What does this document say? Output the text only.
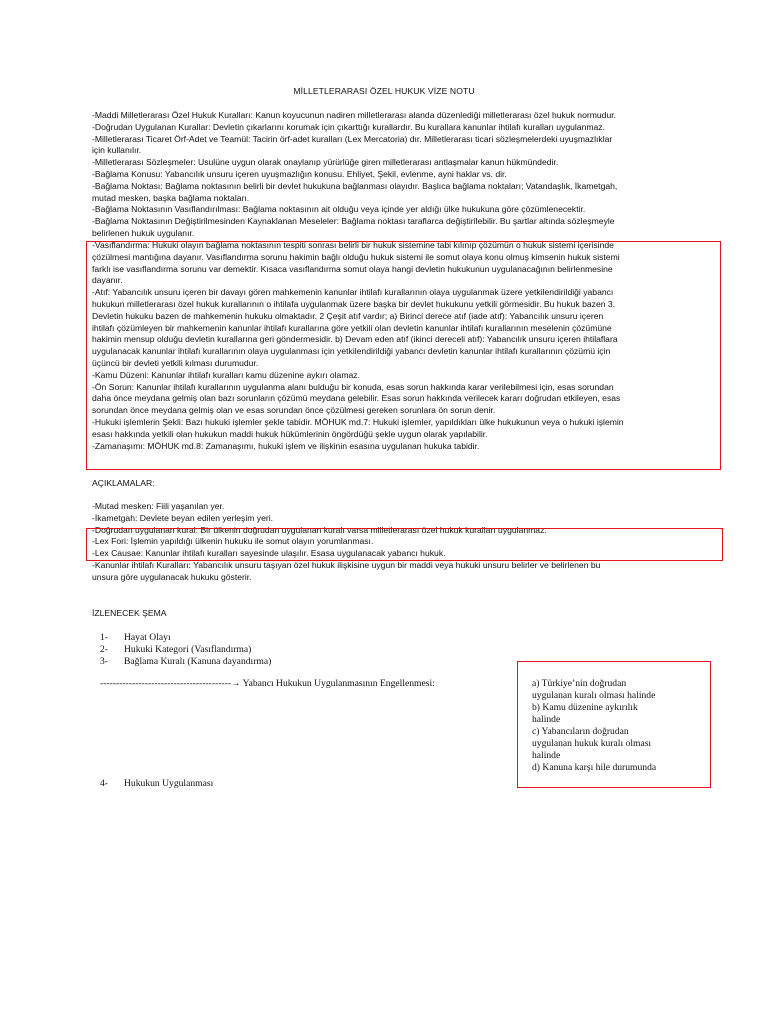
MİLLETLERARASI ÖZEL HUKUK VİZE NOTU
-Maddi Milletlerarası Özel Hukuk Kuralları: Kanun koyucunun nadiren milletlerarası alanda düzenlediği milletlerarası özel hukuk normudur.
-Doğrudan Uygulanan Kurallar: Devletin çıkarlarını korumak için çıkarttığı kurallardır. Bu kurallara kanunlar ihtilafı kuralları uygulanmaz.
-Milletlerarası Ticaret Örf-Adet ve Teamül: Tacirin örf-adet kuralları (Lex Mercatoria) dır. Milletlerarası ticari sözleşmelerdeki uyuşmazlıklar
için kullanılır.
-Milletlerarası Sözleşmeler: Usulüne uygun olarak onaylanıp yürürlüğe giren milletlerarası antlaşmalar kanun hükmündedir.
-Bağlama Konusu: Yabancılık unsuru içeren uyuşmazlığın konusu. Ehliyet, Şekil, evlenme, ayni haklar vs. dir.
-Bağlama Noktası: Bağlama noktasının belirli bir devlet hukukuna bağlanması olayıdır. Başlıca bağlama noktaları; Vatandaşlık, İkametgah,
mutad mesken, başka bağlama noktaları.
-Bağlama Noktasının Vasıflandırılması: Bağlama noktasının ait olduğu veya içinde yer aldığı ülke hukukuna göre çözümlenecektir.
-Bağlama Noktasının Değiştirilmesinden Kaynaklanan Meseleler: Bağlama noktası taraflarca değiştirilebilir. Bu şartlar altında sözleşmeyle
belirlenen hukuk uygulanır.
-Vasıflandırma: Hukuki olayın bağlama noktasının tespiti sonrası belirli bir hukuk sistemine tabi kılınıp çözümün o hukuk sistemi içerisinde
çözülmesi mantığına dayanır. Vasıflandırma sorunu hakimin bağlı olduğu hukuk sistemi ile somut olaya konu olmuş kimsenin hukuk sistemi
farklı ise vasıflandırma sorunu var demektir. Kısaca vasıflandırma somut olaya hangi devletin hukukunun uygulanacağının belirlenmesine
dayanır.
-Atıf: Yabancılık unsuru içeren bir davayı gören mahkemenin kanunlar ihtilafı kurallarının olaya uygulanmak üzere yetkilendirildiği yabancı
hukukun milletlerarası özel hukuk kurallarının o ihtilafa uygulanmak üzere başka bir devlet hukukunu yetkili görmesidir. Bu hukuk bazen 3.
Devletin hukuku bazen de mahkemenin hukuku olmaktadır. 2 Çeşit atıf vardır; a) Birinci derece atıf (iade atıf): Yabancılık unsuru içeren
ihtilafı çözümleyen bir mahkemenin kanunlar ihtilafı kurallarına göre yetkili olan devletin kanunlar ihtilafı kurallarının meselenin çözümüne
hakimin mensup olduğu devletin kurallarına geri göndermesidir. b) Devam eden atıf (ikinci dereceli atıf): Yabancılık unsuru içeren ihtilaflara
uygulanacak kanunlar ihtilafı kurallarının olaya uygulanması için yetkilendirildiği yabancı devletin kanunlar ihtilafı kurallarının çözümü için
üçüncü bir devleti yetkili kılması durumudur.
-Kamu Düzeni: Kanunlar ihtilafı kuralları kamu düzenine aykırı olamaz.
-Ön Sorun: Kanunlar ihtilafı kurallarının uygulanma alanı bulduğu bir konuda, esas sorun hakkında karar verilebilmesi için, esas sorundan
daha önce meydana gelmiş olan bazı sorunların çözümü meydana gelebilir. Esas sorun hakkında verilecek kararı doğrudan etkileyen, esas
sorundan önce meydana gelmiş olan ve esas sorundan önce çözülmesi gereken sorunlara ön sorun denir.
-Hukuki işlemlerin Şekli: Bazı hukuki işlemler şekle tabidir. MÖHUK md.7: Hukuki işlemler, yapıldıkları ülke hukukunun veya o hukuki işlemin
esası hakkında yetkili olan hukukun maddi hukuk hükümlerinin öngördüğü şekle uygun olarak yapılabilir.
-Zamanaşımı: MÖHUK md.8: Zamanaşımı, hukuki işlem ve ilişkinin esasına uygulanan hukuka tabidir.
AÇIKLAMALAR:
-Mutad mesken: Fiili yaşanılan yer.
-İkametgah: Devlete beyan edilen yerleşim yeri.
-Doğrudan uygulanan kural: Bir ülkenin doğrudan uygulanan kuralı varsa milletlerarası özel hukuk kuralları uygulanmaz.
-Lex Fori: İşlemin yapıldığı ülkenin hukuku ile somut olayın yorumlanması.
-Lex Causae: Kanunlar ihtilafı kuralları sayesinde ulaşılır. Esasa uygulanacak yabancı hukuk.
-Kanunlar ihtilafı Kuralları: Yabancılık unsuru taşıyan özel hukuk ilişkisine uygun bir maddi veya hukuki unsuru belirler ve belirlenen bu
unsura göre uygulanacak hukuku gösterir.
İZLENECEK ŞEMA
1- Hayat Olayı
2- Hukuki Kategori (Vasıflandırma)
3- Bağlama Kuralı (Kanuna dayandırma)
-----------------------------------------→ Yabancı Hukukun Uygulanmasının Engellenmesi:	a) Türkiye’nin doğrudan
uygulanan kuralı olması halinde
b) Kamu düzenine aykırılık
halinde
c) Yabancıların doğrudan
uygulanan hukuk kuralı olması
halinde
d) Kanuna karşı hile durumunda
4- Hukukun Uygulanması
